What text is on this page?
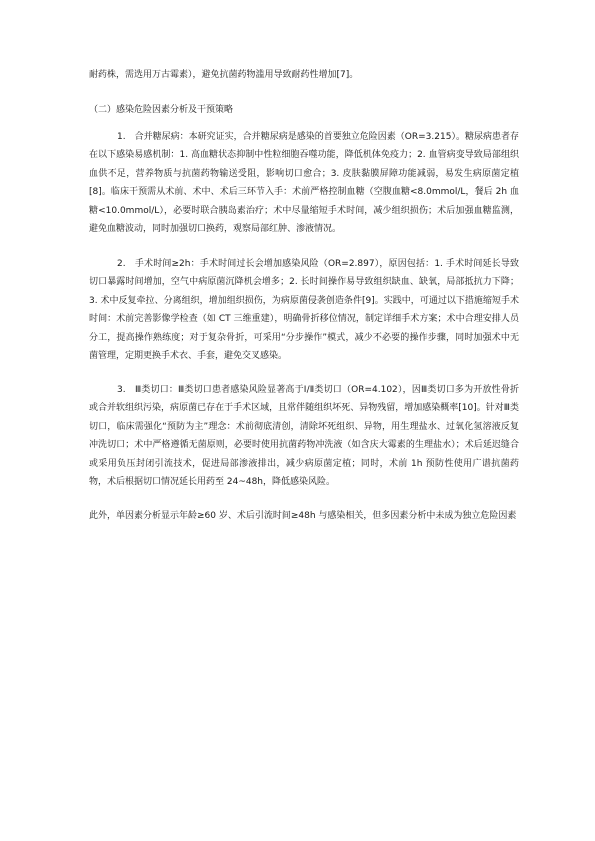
耐药株，需选用万古霉素），避免抗菌药物滥用导致耐药性增加[7]。

（二）感染危险因素分析及干预策略

1.　合并糖尿病：本研究证实，合并糖尿病是感染的首要独立危险因素（OR=3.215）。糖尿病患者存在以下感染易感机制：1. 高血糖状态抑制中性粒细胞吞噬功能，降低机体免疫力；2. 血管病变导致局部组织血供不足，营养物质与抗菌药物输送受阻，影响切口愈合；3. 皮肤黏膜屏障功能减弱，易发生病原菌定植[8]。临床干预需从术前、术中、术后三环节入手：术前严格控制血糖（空腹血糖<8.0mmol/L，餐后 2h 血糖<10.0mmol/L），必要时联合胰岛素治疗；术中尽量缩短手术时间，减少组织损伤；术后加强血糖监测，避免血糖波动，同时加强切口换药，观察局部红肿、渗液情况。

2.　手术时间≥2h：手术时间过长会增加感染风险（OR=2.897），原因包括：1. 手术时间延长导致切口暴露时间增加，空气中病原菌沉降机会增多；2. 长时间操作易导致组织缺血、缺氧，局部抵抗力下降；3. 术中反复牵拉、分离组织，增加组织损伤，为病原菌侵袭创造条件[9]。实践中，可通过以下措施缩短手术时间：术前完善影像学检查（如 CT 三维重建），明确骨折移位情况，制定详细手术方案；术中合理安排人员分工，提高操作熟练度；对于复杂骨折，可采用“分步操作”模式，减少不必要的操作步骤，同时加强术中无菌管理，定期更换手术衣、手套，避免交叉感染。

3.　Ⅲ类切口：Ⅲ类切口患者感染风险显著高于Ⅰ/Ⅱ类切口（OR=4.102），因Ⅲ类切口多为开放性骨折或合并软组织污染，病原菌已存在于手术区域，且常伴随组织坏死、异物残留，增加感染概率[10]。针对Ⅲ类切口，临床需强化“预防为主”理念：术前彻底清创，清除坏死组织、异物，用生理盐水、过氧化氢溶液反复冲洗切口；术中严格遵循无菌原则，必要时使用抗菌药物冲洗液（如含庆大霉素的生理盐水）；术后延迟缝合或采用负压封闭引流技术，促进局部渗液排出，减少病原菌定植；同时，术前 1h 预防性使用广谱抗菌药物，术后根据切口情况延长用药至 24~48h，降低感染风险。

此外，单因素分析显示年龄≥60 岁、术后引流时间≥48h 与感染相关，但多因素分析中未成为独立危险因素
